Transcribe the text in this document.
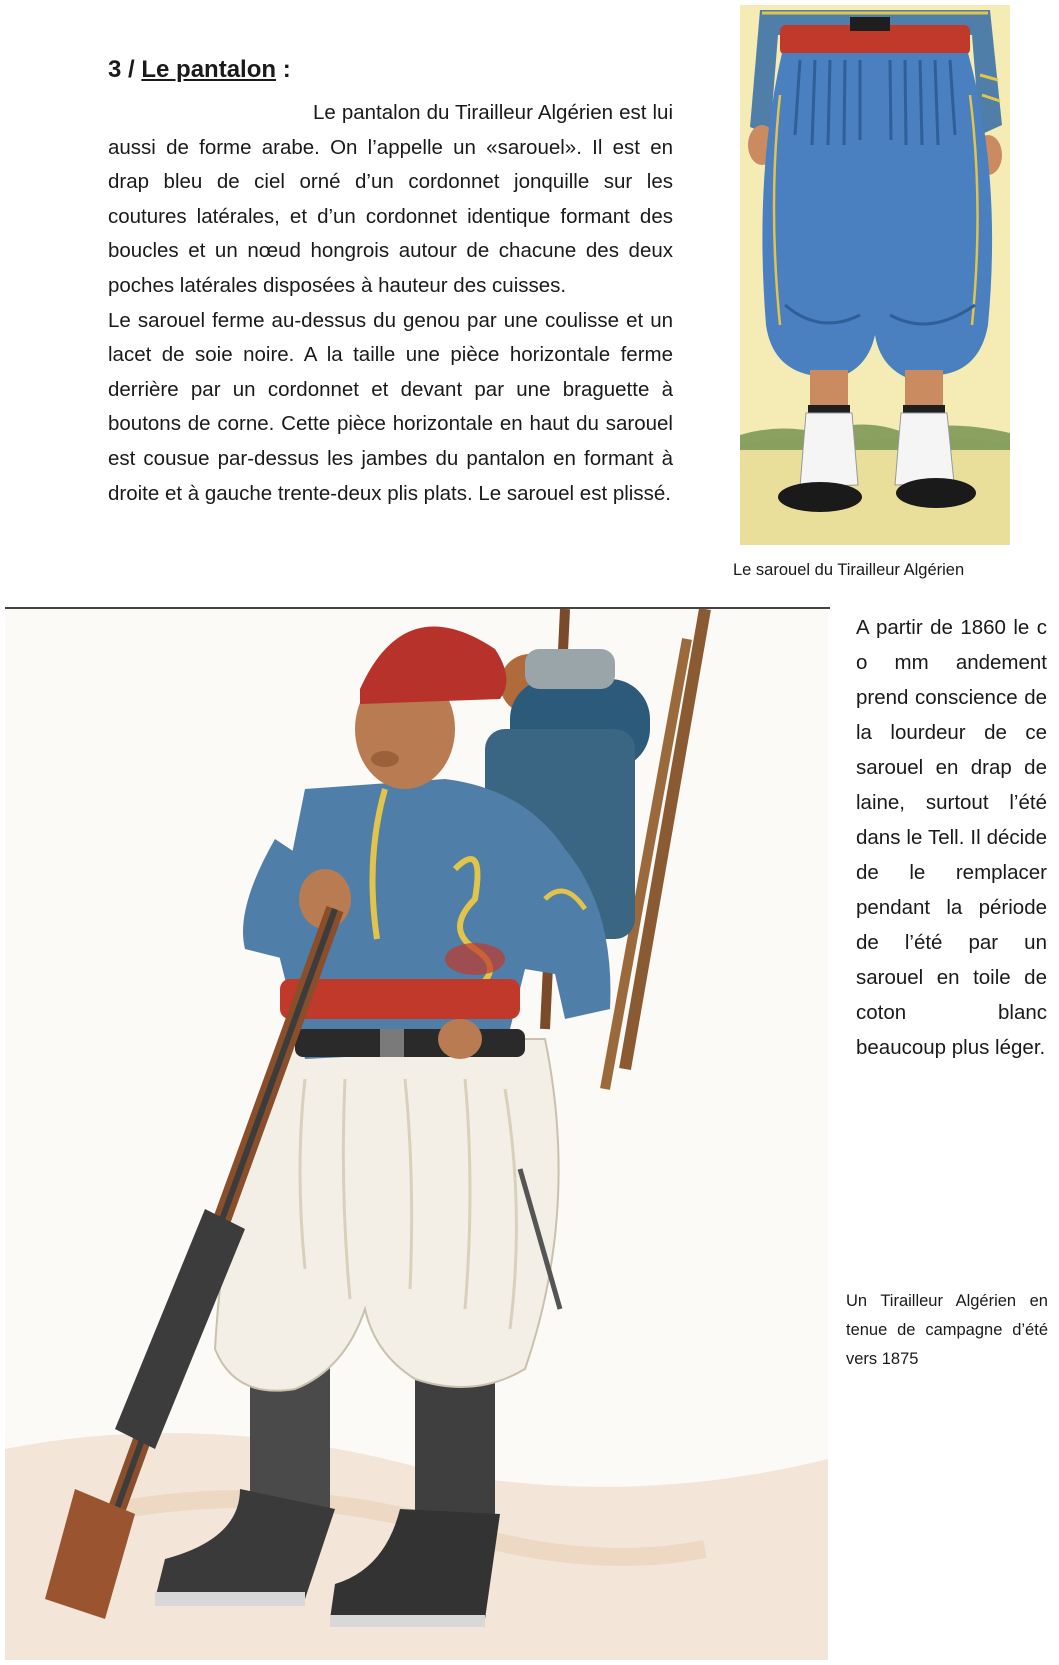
3 / Le pantalon :

Le pantalon du Tirailleur Algérien est lui aussi de forme arabe. On l’appelle un «sarouel». Il est en drap bleu de ciel orné d’un cordonnet jonquille sur les coutures latérales, et d’un cordonnet identique formant des boucles et un nœud hongrois autour de chacune des deux poches latérales disposées à hauteur des cuisses.

Le sarouel ferme au-dessus du genou par une coulisse et un lacet de soie noire. A la taille une pièce horizontale ferme derrière par un cordonnet et devant par une braguette à boutons de corne. Cette pièce horizontale en haut du sarouel est cousue par-dessus les jambes du pantalon en formant à droite et à gauche trente-deux plis plats. Le sarouel est plissé.

Le sarouel du Tirailleur Algérien

A partir de 1860 le c o mm andement prend conscience de la lourdeur de ce sarouel en drap de laine, surtout l’été dans le Tell. Il décide de le remplacer pendant la période de l’été par un sarouel en toile de coton blanc beaucoup plus léger.

Un Tirailleur Algérien en tenue de campagne d’été vers 1875
